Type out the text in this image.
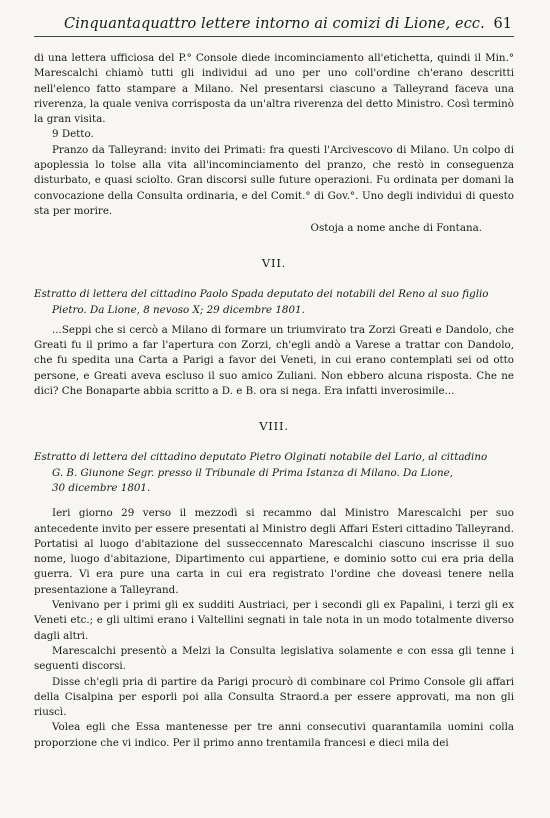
Cinquantaquattro lettere intorno ai comizi di Lione, ecc. 61

di una lettera ufficiosa del P.° Console diede incominciamento all'etichetta, quindi il Min.° Marescalchi chiamò tutti gli individui ad uno per uno coll'ordine ch'erano descritti nell'elenco fatto stampare a Milano. Nel presentarsi ciascuno a Talleyrand faceva una riverenza, la quale veniva corrisposta da un'altra riverenza del detto Ministro. Così terminò la gran visita.

9 Detto.

Pranzo da Talleyrand: invito dei Primati: fra questi l'Arcivescovo di Milano. Un colpo di apoplessia lo tolse alla vita all'incominciamento del pranzo, che restò in conseguenza disturbato, e quasi sciolto. Gran discorsi sulle future operazioni. Fu ordinata per domani la convocazione della Consulta ordinaria, e del Comit.° di Gov.°. Uno degli individui di questo sta per morire.

Ostoja a nome anche di Fontana.

VII.

Estratto di lettera del cittadino Paolo Spada deputato dei notabili del Reno al suo figlio
Pietro. Da Lione, 8 nevoso X; 29 dicembre 1801.

...Seppi che si cercò a Milano di formare un triumvirato tra Zorzi Greati e Dandolo, che Greati fu il primo a far l'apertura con Zorzi, ch'egli andò a Varese a trattar con Dandolo, che fu spedita una Carta a Parigi a favor dei Veneti, in cui erano contemplati sei od otto persone, e Greati aveva escluso il suo amico Zuliani. Non ebbero alcuna risposta. Che ne dici? Che Bonaparte abbia scritto a D. e B. ora si nega. Era infatti inverosimile...

VIII.

Estratto di lettera del cittadino deputato Pietro Olginati notabile del Lario, al cittadino
G. B. Giunone Segr. presso il Tribunale di Prima Istanza di Milano. Da Lione,
30 dicembre 1801.

Ieri giorno 29 verso il mezzodì si recammo dal Ministro Marescalchi per suo antecedente invito per essere presentati al Ministro degli Affari Esteri cittadino Talleyrand. Portatisi al luogo d'abitazione del susseccennato Marescalchi ciascuno inscrisse il suo nome, luogo d'abitazione, Dipartimento cui appartiene, e dominio sotto cui era pria della guerra. Vi era pure una carta in cui era registrato l'ordine che doveasi tenere nella presentazione a Talleyrand.

Venivano per i primi gli ex sudditi Austriaci, per i secondi gli ex Papalini, i terzi gli ex Veneti etc.; e gli ultimi erano i Valtellini segnati in tale nota in un modo totalmente diverso dagli altri.

Marescalchi presentò a Melzi la Consulta legislativa solamente e con essa gli tenne i seguenti discorsi.

Disse ch'egli pria di partire da Parigi procurò di combinare col Primo Console gli affari della Cisalpina per esporli poi alla Consulta Straord.a per essere approvati, ma non gli riuscì.

Volea egli che Essa mantenesse per tre anni consecutivi quarantamila uomini colla proporzione che vi indico. Per il primo anno trentamila francesi e dieci mila dei
